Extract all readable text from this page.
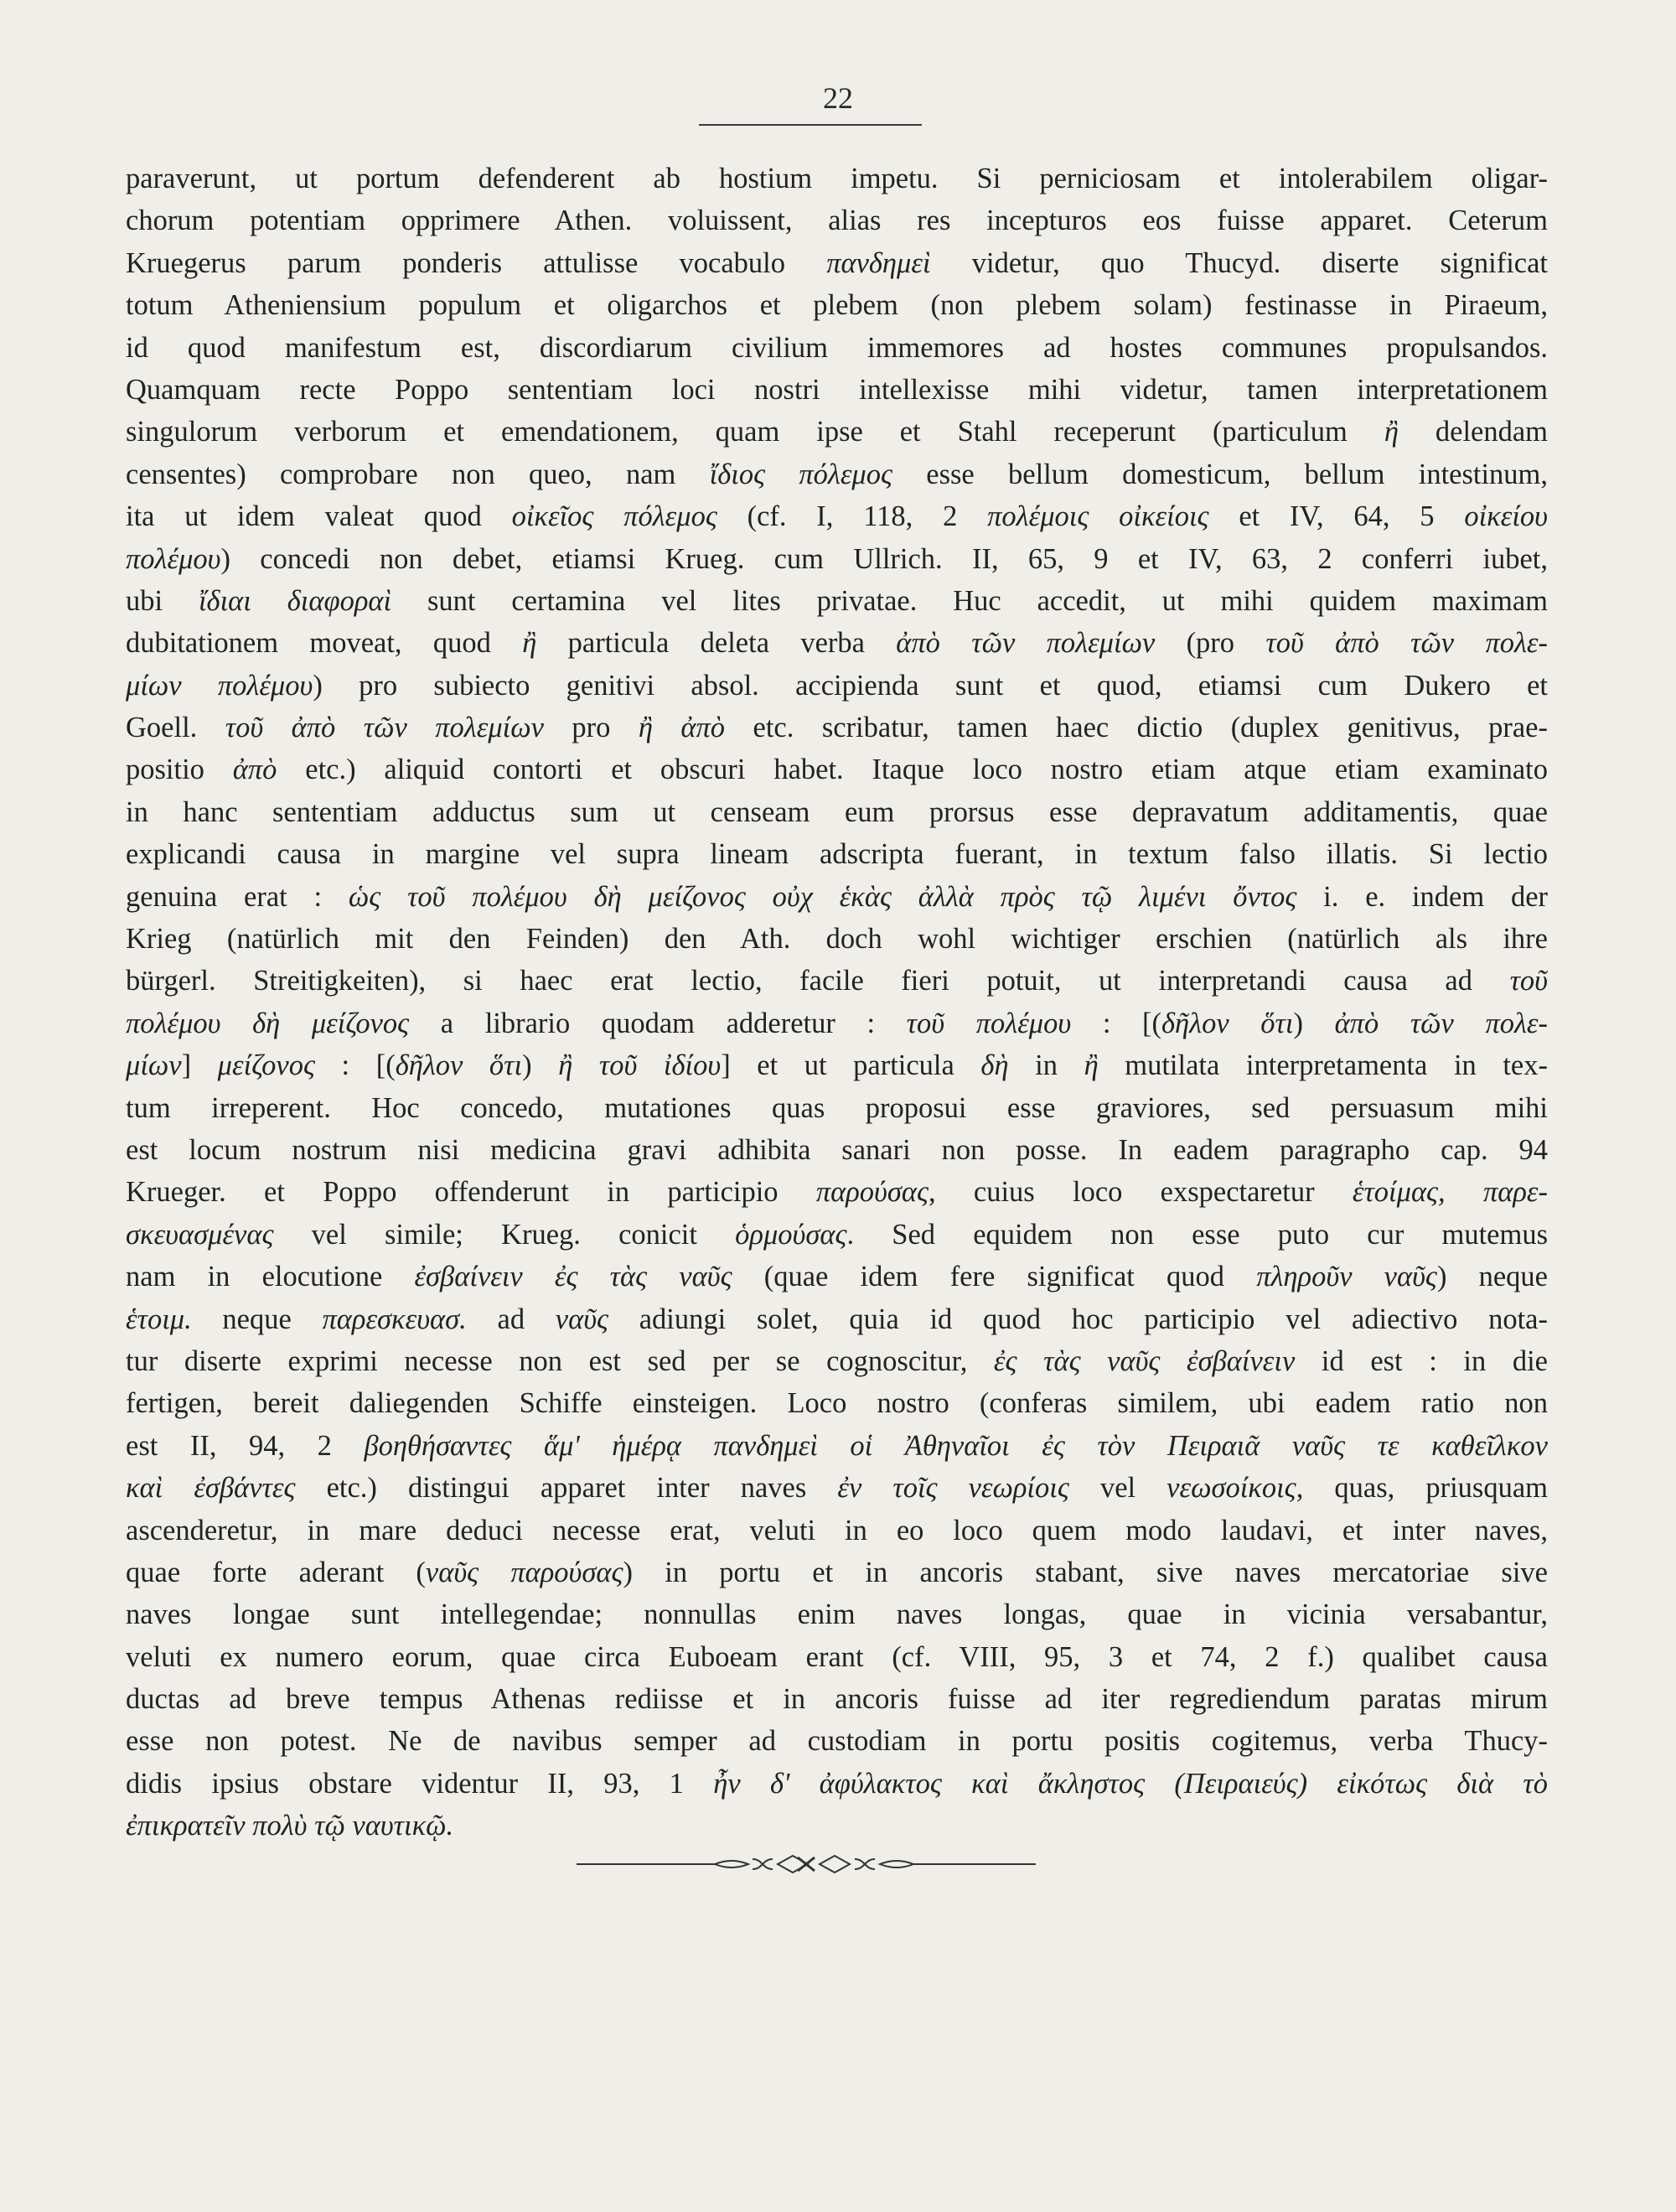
22
paraverunt, ut portum defenderent ab hostium impetu. Si perniciosam et intolerabilem oligar-
chorum potentiam opprimere Athen. voluissent, alias res incepturos eos fuisse apparet. Ceterum
Kruegerus parum ponderis attulisse vocabulo πανδημεὶ videtur, quo Thucyd. diserte significat
totum Atheniensium populum et oligarchos et plebem (non plebem solam) festinasse in Piraeum,
id quod manifestum est, discordiarum civilium immemores ad hostes communes propulsandos.
Quamquam recte Poppo sententiam loci nostri intellexisse mihi videtur, tamen interpretationem
singulorum verborum et emendationem, quam ipse et Stahl receperunt (particulum ἢ delendam
censentes) comprobare non queo, nam ἴδιος πόλεμος esse bellum domesticum, bellum intestinum,
ita ut idem valeat quod οἰκεῖος πόλεμος (cf. I, 118, 2 πολέμοις οἰκείοις et IV, 64, 5 οἰκείου
πολέμου) concedi non debet, etiamsi Krueg. cum Ullrich. II, 65, 9 et IV, 63, 2 conferri iubet,
ubi ἴδιαι διαφοραὶ sunt certamina vel lites privatae. Huc accedit, ut mihi quidem maximam
dubitationem moveat, quod ἢ particula deleta verba ἀπὸ τῶν πολεμίων (pro τοῦ ἀπὸ τῶν πολε-
μίων πολέμου) pro subiecto genitivi absol. accipienda sunt et quod, etiamsi cum Dukero et
Goell. τοῦ ἀπὸ τῶν πολεμίων pro ἢ ἀπὸ etc. scribatur, tamen haec dictio (duplex genitivus, prae-
positio ἀπὸ etc.) aliquid contorti et obscuri habet. Itaque loco nostro etiam atque etiam examinato
in hanc sententiam adductus sum ut censeam eum prorsus esse depravatum additamentis, quae
explicandi causa in margine vel supra lineam adscripta fuerant, in textum falso illatis. Si lectio
genuina erat : ὡς τοῦ πολέμου δὴ μείζονος οὐχ ἑκὰς ἀλλὰ πρὸς τῷ λιμένι ὄντος i. e. indem der
Krieg (natürlich mit den Feinden) den Ath. doch wohl wichtiger erschien (natürlich als ihre
bürgerl. Streitigkeiten), si haec erat lectio, facile fieri potuit, ut interpretandi causa ad τοῦ
πολέμου δὴ μείζονος a librario quodam adderetur : τοῦ πολέμου : [(δῆλον ὅτι) ἀπὸ τῶν πολε-
μίων] μείζονος : [(δῆλον ὅτι) ἢ τοῦ ἰδίου] et ut particula δὴ in ἢ mutilata interpretamenta in tex-
tum irreperent. Hoc concedo, mutationes quas proposui esse graviores, sed persuasum mihi
est locum nostrum nisi medicina gravi adhibita sanari non posse. In eadem paragrapho cap. 94
Krueger. et Poppo offenderunt in participio παρούσας, cuius loco exspectaretur ἑτοίμας, παρε-
σκευασμένας vel simile; Krueg. conicit ὁρμούσας. Sed equidem non esse puto cur mutemus
nam in elocutione ἐσβαίνειν ἐς τὰς ναῦς (quae idem fere significat quod πληροῦν ναῦς) neque
ἑτοιμ. neque παρεσκευασ. ad ναῦς adiungi solet, quia id quod hoc participio vel adiectivo nota-
tur diserte exprimi necesse non est sed per se cognoscitur, ἐς τὰς ναῦς ἐσβαίνειν id est : in die
fertigen, bereit daliegenden Schiffe einsteigen. Loco nostro (conferas similem, ubi eadem ratio non
est II, 94, 2 βοηθήσαντες ἅμ' ἡμέρᾳ πανδημεὶ οἱ Ἀθηναῖοι ἐς τὸν Πειραιᾶ ναῦς τε καθεῖλκον
καὶ ἐσβάντες etc.) distingui apparet inter naves ἐν τοῖς νεωρίοις vel νεωσοίκοις, quas, priusquam
ascenderetur, in mare deduci necesse erat, veluti in eo loco quem modo laudavi, et inter naves,
quae forte aderant (ναῦς παρούσας) in portu et in ancoris stabant, sive naves mercatoriae sive
naves longae sunt intellegendae; nonnullas enim naves longas, quae in vicinia versabantur,
veluti ex numero eorum, quae circa Euboeam erant (cf. VIII, 95, 3 et 74, 2 f.) qualibet causa
ductas ad breve tempus Athenas rediisse et in ancoris fuisse ad iter regrediendum paratas mirum
esse non potest. Ne de navibus semper ad custodiam in portu positis cogitemus, verba Thucy-
didis ipsius obstare videntur II, 93, 1 ἦν δ' ἀφύλακτος καὶ ἄκληστος (Πειραιεύς) εἰκότως διὰ τὸ
ἐπικρατεῖν πολὺ τῷ ναυτικῷ.
